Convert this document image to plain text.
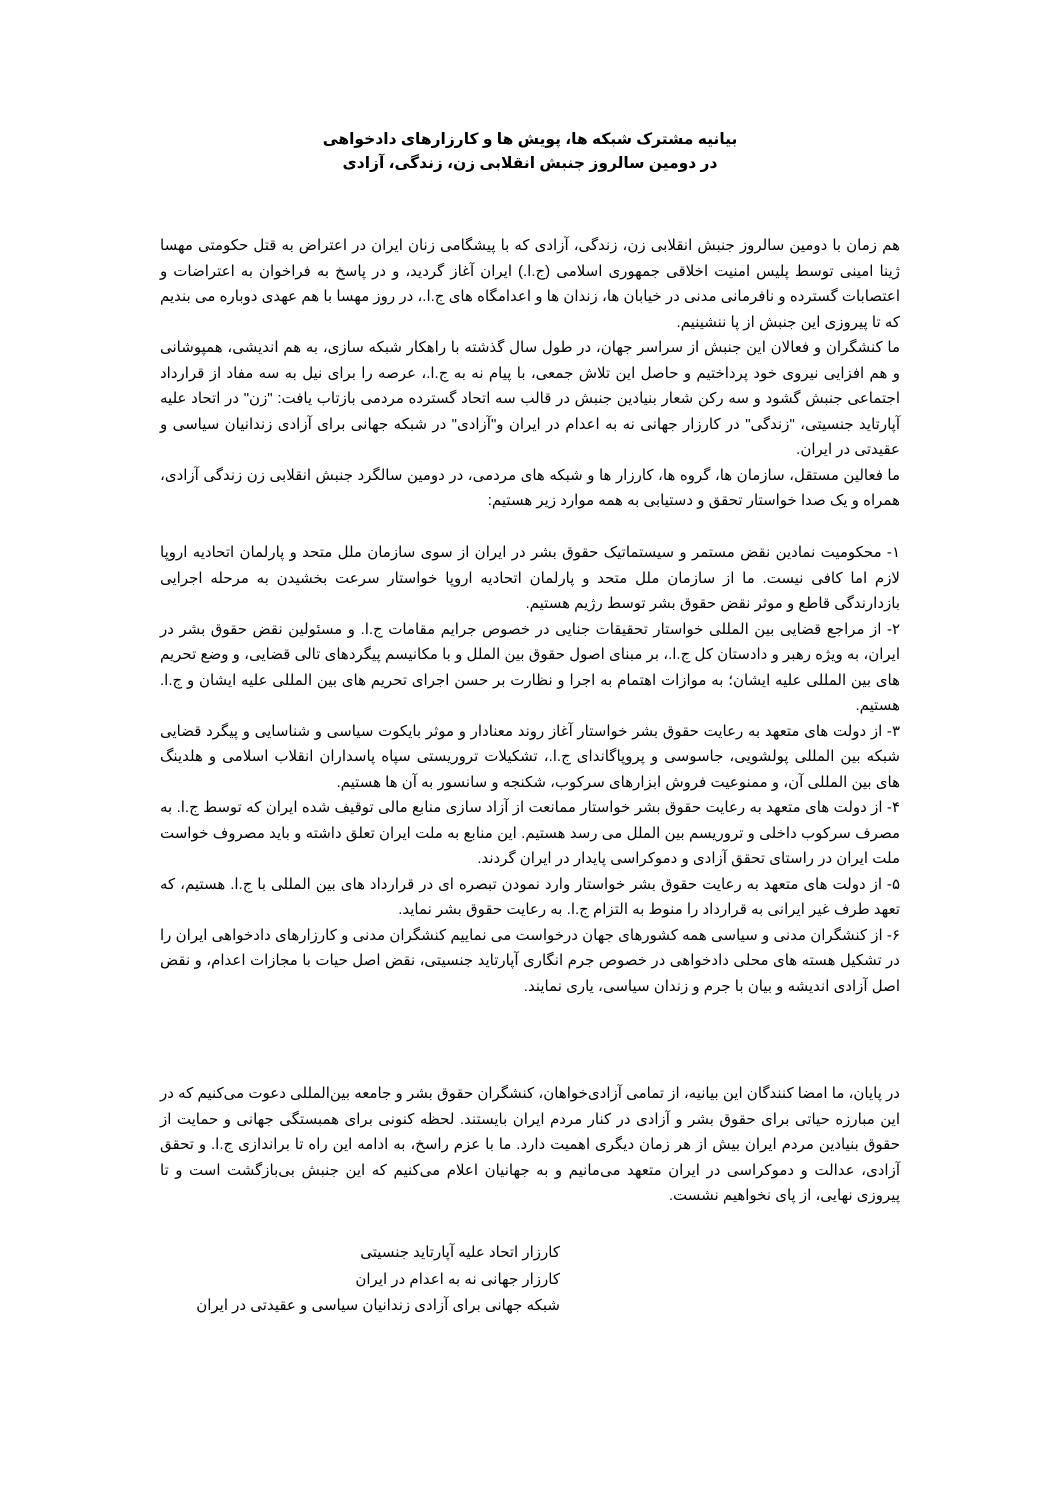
بیانیه مشترک شبکه ها، پویش ها و کارزارهای دادخواهی
در دومین سالروز جنبش انقلابی زن، زندگی، آزادی

هم زمان با دومین سالروز جنبش انقلابی زن، زندگی، آزادی که با پیشگامی زنان ایران در اعتراض به قتل حکومتی مهسا ژینا امینی توسط پلیس امنیت اخلاقی جمهوری اسلامی (ج.ا.) ایران آغاز گردید، و در پاسخ به فراخوان به اعتراضات و اعتصابات گسترده و نافرمانی مدنی در خیابان ها، زندان ها و اعدامگاه های ج.ا.، در روز مهسا با هم عهدی دوباره می بندیم که تا پیروزی این جنبش از پا ننشینیم.

ما کنشگران و فعالان این جنبش از سراسر جهان، در طول سال گذشته با راهکار شبکه سازی، به هم اندیشی، همپوشانی و هم افزایی نیروی خود پرداختیم و حاصل این تلاش جمعی، با پیام نه به ج.ا.، عرصه را برای نیل به سه مفاد از قرارداد اجتماعی جنبش گشود و سه رکن شعار بنیادین جنبش در قالب سه اتحاد گسترده مردمی بازتاب یافت: "زن" در اتحاد علیه آپارتاید جنسیتی، "زندگی" در کارزار جهانی نه به اعدام در ایران و"آزادی" در شبکه جهانی برای آزادی زندانیان سیاسی و عقیدتی در ایران.

ما فعالین مستقل، سازمان ها، گروه ها، کارزار ها و شبکه های مردمی، در دومین سالگرد جنبش انقلابی زن زندگی آزادی، همراه و یک صدا خواستار تحقق و دستیابی به همه موارد زیر هستیم:

۱- محکومیت نمادین نقض مستمر و سیستماتیک حقوق بشر در ایران از سوی سازمان ملل متحد و پارلمان اتحادیه اروپا لازم اما کافی نیست. ما از سازمان ملل متحد و پارلمان اتحادیه اروپا خواستار سرعت بخشیدن به مرحله اجرایی بازدارندگی قاطع و موثر نقض حقوق بشر توسط رژیم هستیم.

۲- از مراجع قضایی بین المللی خواستار تحقیقات جنایی در خصوص جرایم مقامات ج.ا. و مسئولین نقض حقوق بشر در ایران، به ویژه رهبر و دادستان کل ج.ا.، بر مبنای اصول حقوق بین الملل و با مکانیسم پیگردهای تالی قضایی، و وضع تحریم های بین المللی علیه ایشان؛ به موازات اهتمام به اجرا و نظارت بر حسن اجرای تحریم های بین المللی علیه ایشان و ج.ا. هستیم.

۳- از دولت های متعهد به رعایت حقوق بشر خواستار آغاز روند معنادار و موثر بایکوت سیاسی و شناسایی و پیگرد قضایی شبکه بین المللی پولشویی، جاسوسی و پروپاگاندای ج.ا.، تشکیلات تروریستی سپاه پاسداران انقلاب اسلامی و هلدینگ های بین المللی آن، و ممنوعیت فروش ابزارهای سرکوب، شکنجه و سانسور به آن ها هستیم.

۴- از دولت های متعهد به رعایت حقوق بشر خواستار ممانعت از آزاد سازی منابع مالی توقیف شده ایران که توسط ج.ا. به مصرف سرکوب داخلی و تروریسم بین الملل می رسد هستیم. این منابع به ملت ایران تعلق داشته و باید مصروف خواست ملت ایران در راستای تحقق آزادی و دموکراسی پایدار در ایران گردند.

۵- از دولت های متعهد به رعایت حقوق بشر خواستار وارد نمودن تبصره ای در قرارداد های بین المللی با ج.ا. هستیم، که تعهد طرف غیر ایرانی به قرارداد را منوط به التزام ج.ا. به رعایت حقوق بشر نماید.

۶- از کنشگران مدنی و سیاسی همه کشورهای جهان درخواست می نماییم کنشگران مدنی و کارزارهای دادخواهی ایران را در تشکیل هسته های محلی دادخواهی در خصوص جرم انگاری آپارتاید جنسیتی، نقض اصل حیات با مجازات اعدام، و نقض اصل آزادی اندیشه و بیان با جرم و زندان سیاسی، یاری نمایند.

در پایان، ما امضا کنندگان این بیانیه، از تمامی آزادی‌خواهان، کنشگران حقوق بشر و جامعه بین‌المللی دعوت می‌کنیم که در این مبارزه حیاتی برای حقوق بشر و آزادی در کنار مردم ایران بایستند. لحظه کنونی برای همبستگی جهانی و حمایت از حقوق بنیادین مردم ایران بیش از هر زمان دیگری اهمیت دارد. ما با عزم راسخ، به ادامه این راه تا براندازی ج.ا. و تحقق آزادی، عدالت و دموکراسی در ایران متعهد می‌مانیم و به جهانیان اعلام می‌کنیم که این جنبش بی‌بازگشت است و تا پیروزی نهایی، از پای نخواهیم نشست.

کارزار اتحاد علیه آپارتاید جنسیتی
کارزار جهانی نه به اعدام در ایران
شبکه جهانی برای آزادی زندانیان سیاسی و عقیدتی در ایران
